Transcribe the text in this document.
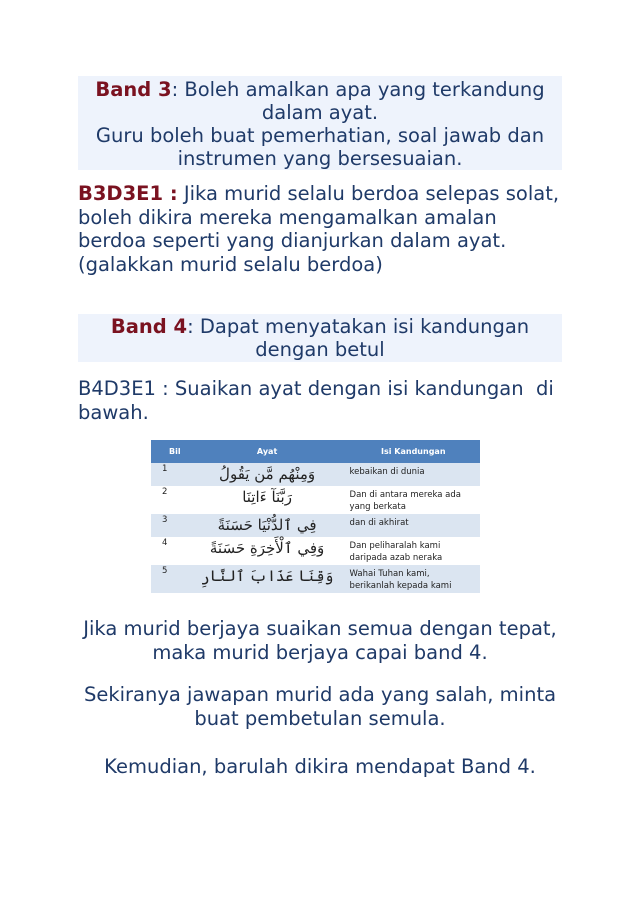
Band 3: Boleh amalkan apa yang terkandung
dalam ayat.
Guru boleh buat pemerhatian, soal jawab dan
instrumen yang bersesuaian.
B3D3E1 : Jika murid selalu berdoa selepas solat,
boleh dikira mereka mengamalkan amalan
berdoa seperti yang dianjurkan dalam ayat.
(galakkan murid selalu berdoa)
Band 4: Dapat menyatakan isi kandungan
dengan betul
B4D3E1 : Suaikan ayat dengan isi kandungan  di
bawah.
Bil	Ayat	Isi Kandungan
1	وَمِنْهُم مَّن يَقُولُ	kebaikan di dunia
2	رَبَّنَآ ءَاتِنَا	Dan di antara mereka ada yang berkata
3	فِي ٱلدُّنْيَا حَسَنَةً	dan di akhirat
4	وَفِي ٱلْأَخِرَةِ حَسَنَةً	Dan peliharalah kami daripada azab neraka
5	وَقِنَا عَذَابَ ٱلنَّارِ	Wahai Tuhan kami, berikanlah kepada kami
Jika murid berjaya suaikan semua dengan tepat,
maka murid berjaya capai band 4.
Sekiranya jawapan murid ada yang salah, minta
buat pembetulan semula.
Kemudian, barulah dikira mendapat Band 4.
